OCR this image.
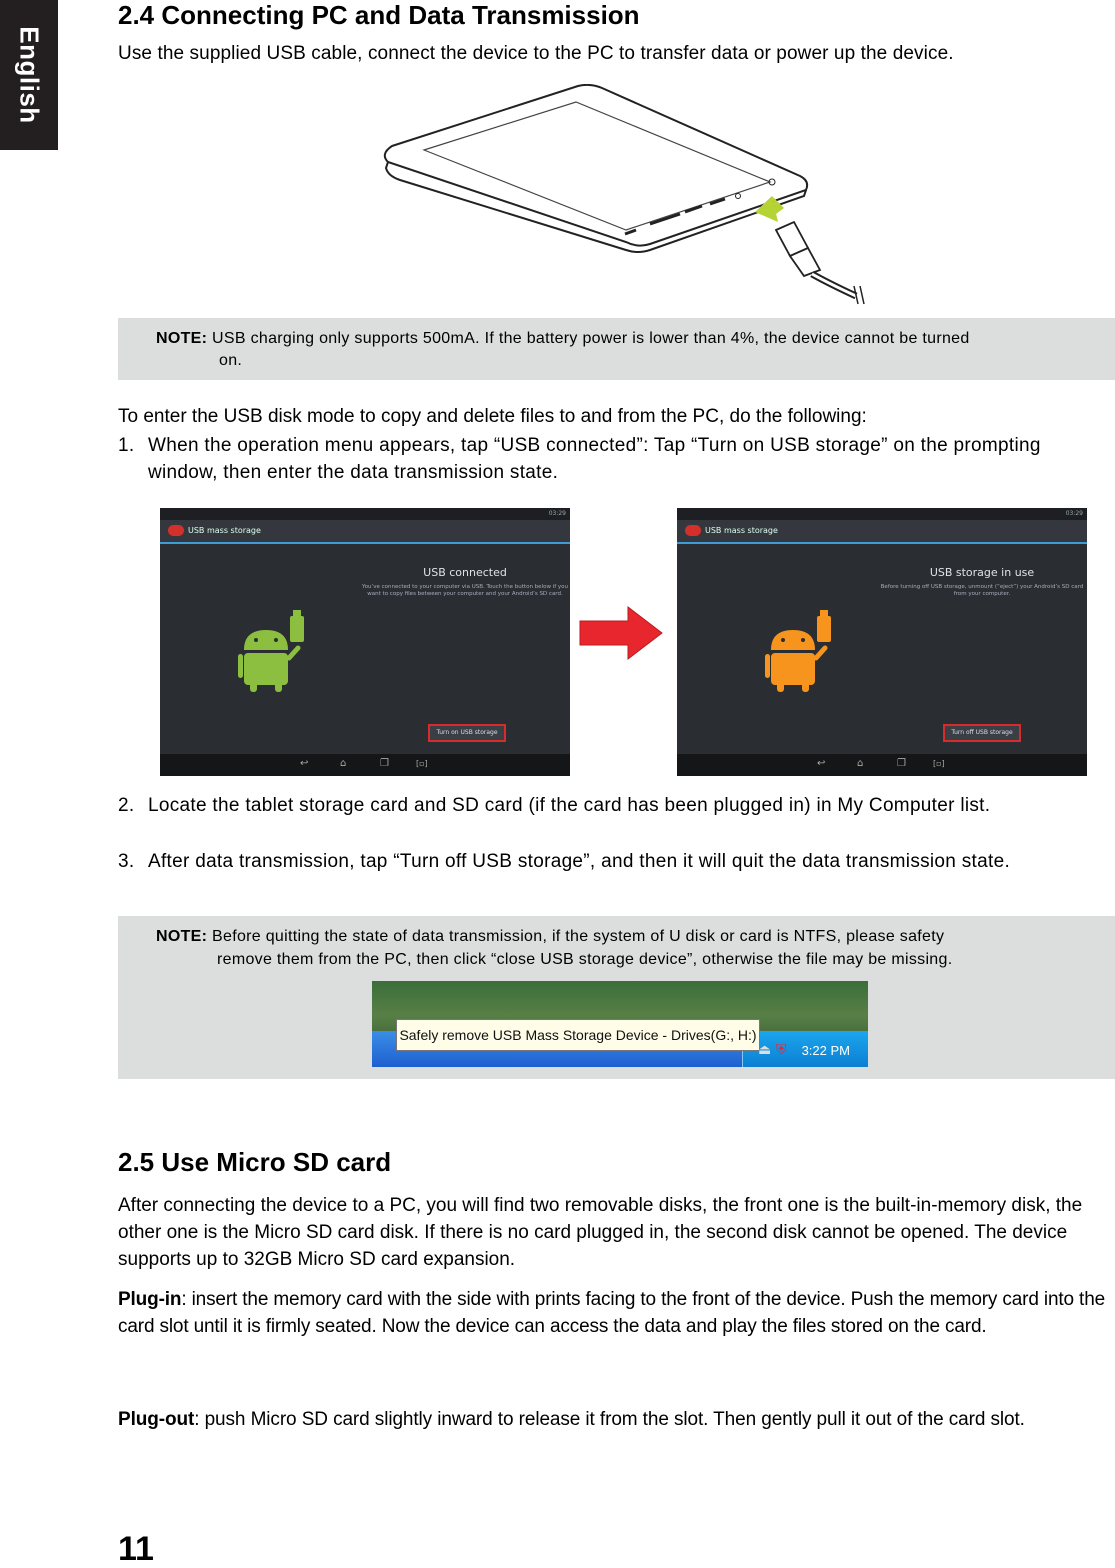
English
2.4 Connecting PC and Data Transmission
Use the supplied USB cable, connect the device to the PC to transfer data or power up the device.
NOTE: USB charging only supports 500mA. If the battery power is lower than 4%, the device cannot be turned
on.
To enter the USB disk mode to copy and delete files to and from the PC, do the following:
1. When the operation menu appears, tap “USB connected”: Tap “Turn on USB storage” on the prompting window, then enter the data transmission state.
03:29
USB mass storage
USB connected
You’ve connected to your computer via USB. Touch the button below if you want to copy files between your computer and your Android’s SD card.
Turn on USB storage
↩	⌂	❐	[▫]
03:29
USB mass storage
USB storage in use
Before turning off USB storage, unmount (“eject”) your Android’s SD card from your computer.
Turn off USB storage
↩	⌂	❐	[▫]
2. Locate the tablet storage card and SD card (if the card has been plugged in) in My Computer list.
3. After data transmission, tap “Turn off USB storage”, and then it will quit the data transmission state.
NOTE: Before quitting the state of data transmission, if the system of U disk or card is NTFS, please safety
remove them from the PC, then click “close USB storage device”, otherwise the file may be missing.
Safely remove USB Mass Storage Device - Drives(G:, H:)
⏏ ⛨ 3:22 PM
2.5 Use Micro SD card
After connecting the device to a PC, you will find two removable disks, the front one is the built-in-memory disk, the other one is the Micro SD card disk. If there is no card plugged in, the second disk cannot be opened. The device supports up to 32GB Micro SD card expansion.
Plug-in: insert the memory card with the side with prints facing to the front of the device. Push the memory card into the card slot until it is firmly seated. Now the device can access the data and play the files stored on the card.
Plug-out: push Micro SD card slightly inward to release it from the slot. Then gently pull it out of the card slot.
11
